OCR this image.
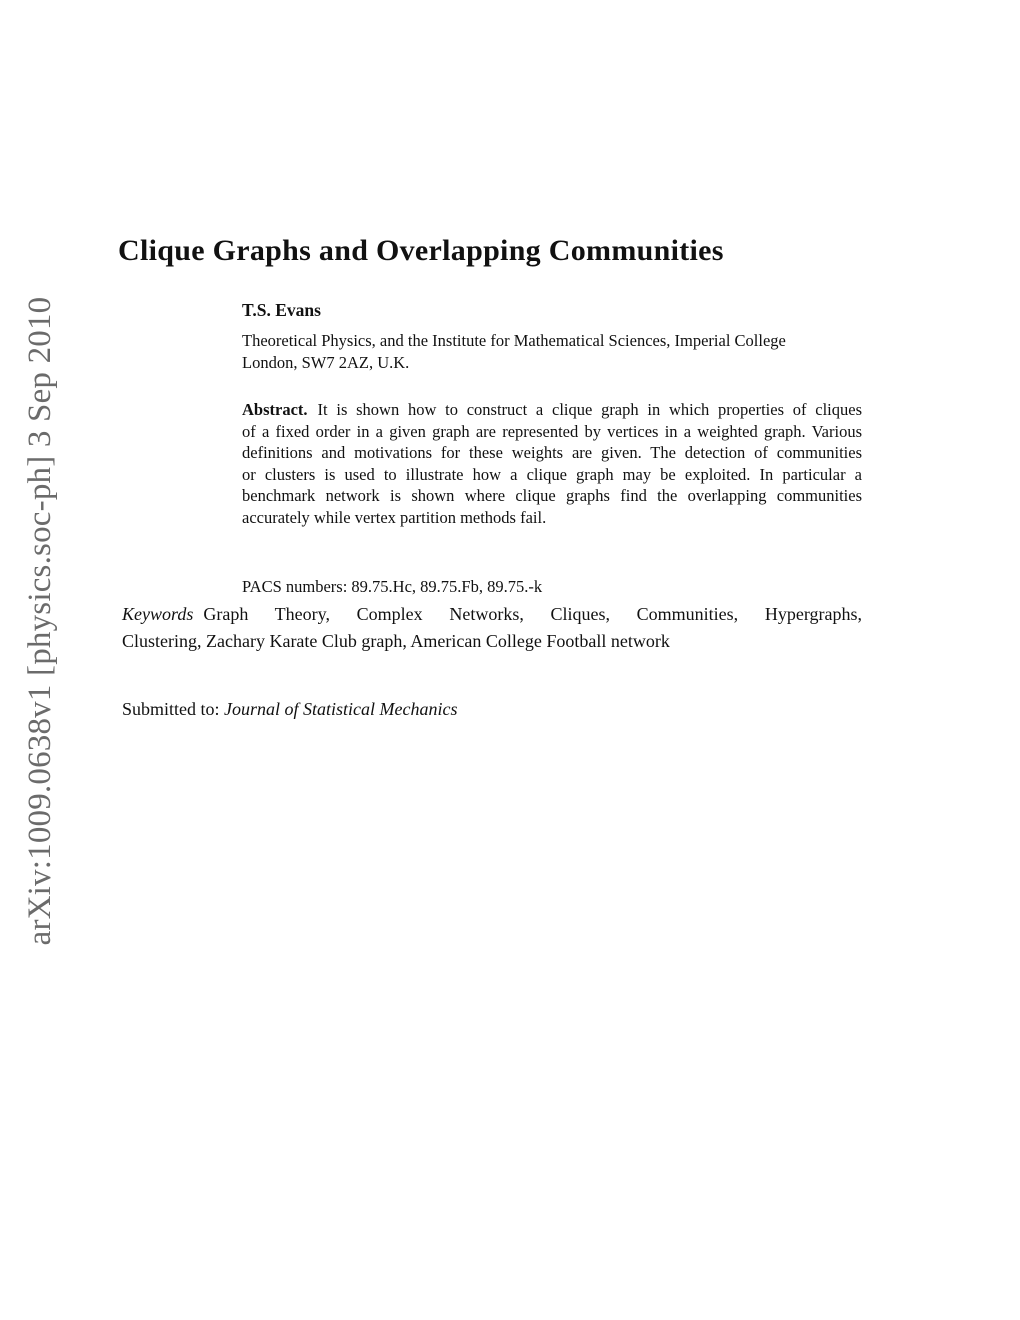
arXiv:1009.0638v1 [physics.soc-ph] 3 Sep 2010
Clique Graphs and Overlapping Communities
T.S. Evans
Theoretical Physics, and the Institute for Mathematical Sciences, Imperial College
London, SW7 2AZ, U.K.
Abstract. It is shown how to construct a clique graph in which properties of cliques
of a fixed order in a given graph are represented by vertices in a weighted graph. Various
definitions and motivations for these weights are given. The detection of communities
or clusters is used to illustrate how a clique graph may be exploited. In particular a
benchmark network is shown where clique graphs find the overlapping communities
accurately while vertex partition methods fail.
PACS numbers: 89.75.Hc, 89.75.Fb, 89.75.-k
Keywords Graph Theory, Complex Networks, Cliques, Communities, Hypergraphs,
Clustering, Zachary Karate Club graph, American College Football network
Submitted to: Journal of Statistical Mechanics
